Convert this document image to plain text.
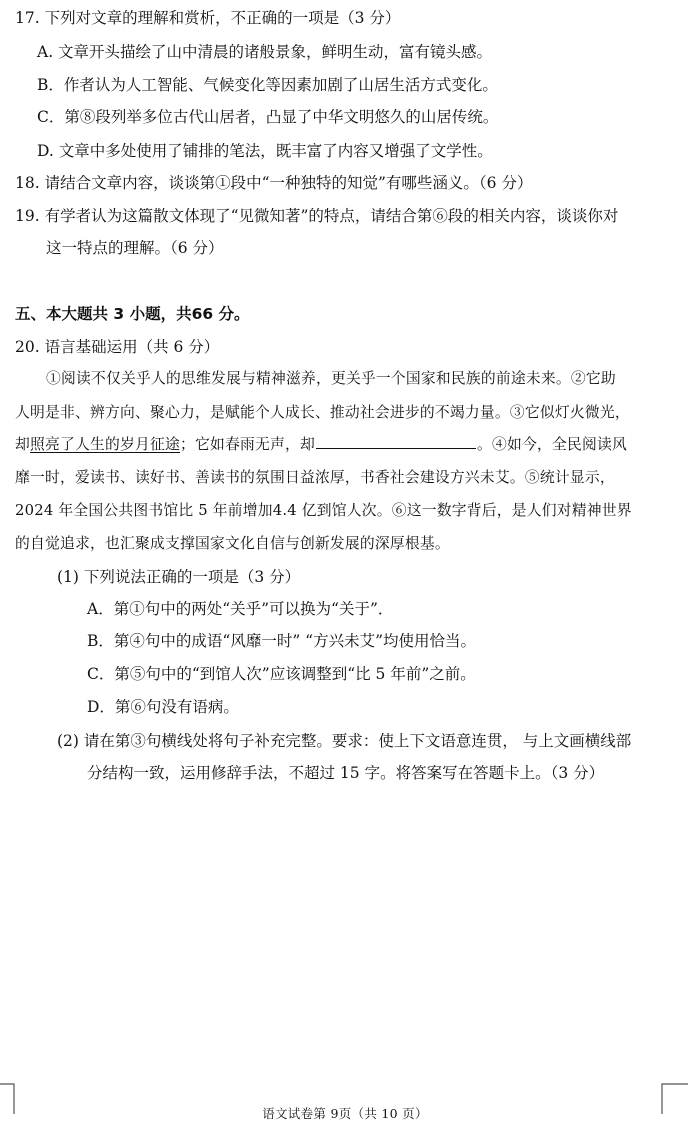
17. 下列对文章的理解和赏析，不正确的一项是（3 分）
A. 文章开头描绘了山中清晨的诸般景象，鲜明生动，富有镜头感。
B．作者认为人工智能、气候变化等因素加剧了山居生活方式变化。
C．第⑧段列举多位古代山居者，凸显了中华文明悠久的山居传统。
D. 文章中多处使用了铺排的笔法，既丰富了内容又增强了文学性。
18. 请结合文章内容，谈谈第①段中“一种独特的知觉”有哪些涵义。（6 分）
19. 有学者认为这篇散文体现了“见微知著”的特点，请结合第⑥段的相关内容，谈谈你对
这一特点的理解。（6 分）
五、本大题共 3 小题，共66 分。
20. 语言基础运用（共 6 分）
①阅读不仅关乎人的思维发展与精神滋养，更关乎一个国家和民族的前途未来。②它助
人明是非、辨方向、聚心力，是赋能个人成长、推动社会进步的不竭力量。③它似灯火微光，
却照亮了人生的岁月征途；它如春雨无声，却	。④如今，全民阅读风
靡一时，爱读书、读好书、善读书的氛围日益浓厚，书香社会建设方兴未艾。⑤统计显示，
2024 年全国公共图书馆比 5 年前增加4.4 亿到馆人次。⑥这一数字背后，是人们对精神世界
的自觉追求，也汇聚成支撑国家文化自信与创新发展的深厚根基。
(1) 下列说法正确的一项是（3 分）
A．第①句中的两处“关乎”可以换为“关于”．
B．第④句中的成语“风靡一时” “方兴未艾”均使用恰当。
C．第⑤句中的“到馆人次”应该调整到“比 5 年前”之前。
D．第⑥句没有语病。
(2) 请在第③句横线处将句子补充完整。要求：使上下文语意连贯， 与上文画横线部
分结构一致，运用修辞手法，不超过 15 字。将答案写在答题卡上。（3 分）
语文试卷第 9页（共 10 页）
